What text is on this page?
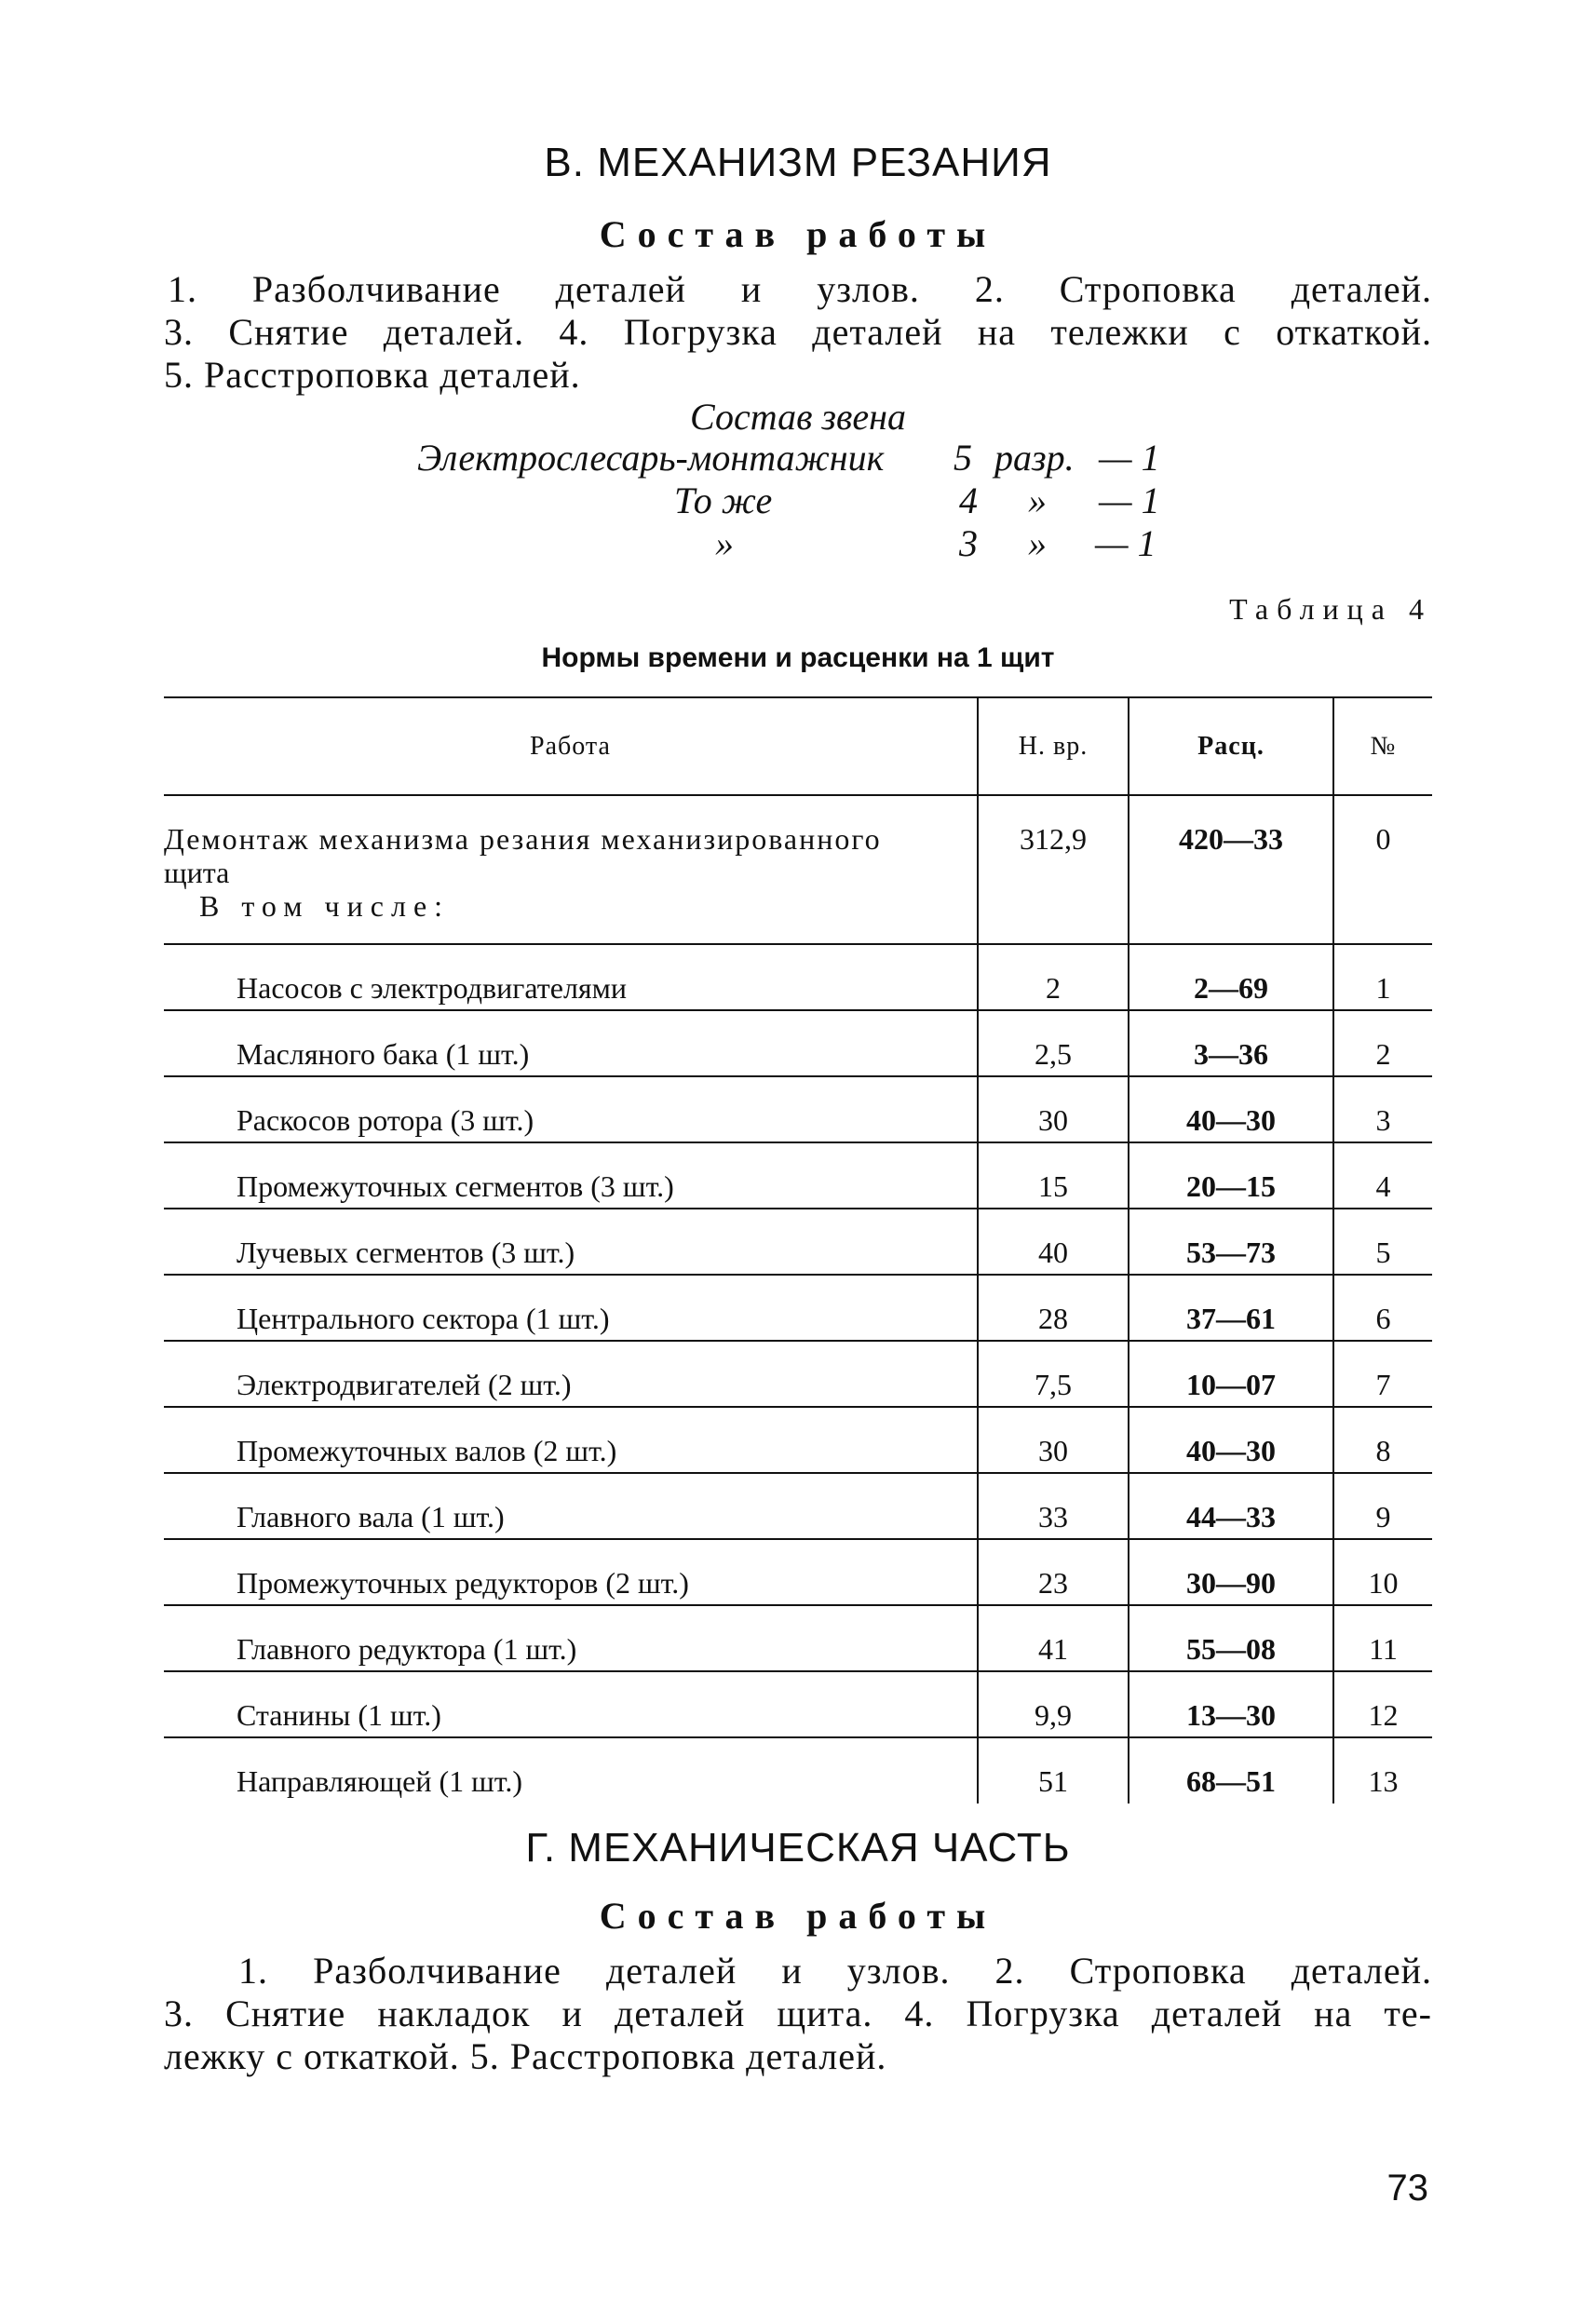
В. МЕХАНИЗМ РЕЗАНИЯ
Состав работы
1. Разболчивание деталей и узлов. 2. Строповка деталей.
3. Снятие деталей. 4. Погрузка деталей на тележки с откаткой.
5. Расстроповка деталей.
Состав звена
Электрослесарь-монтажник 5 разр. — 1
То же	4 » — 1
»	3 » — 1
Таблица 4
Нормы времени и расценки на 1 щит
Работа	Н. вр.	Расц.	№

Демонтаж механизма резания механизированного
щита
В том числе:	312,9	420—33	0
Насосов с электродвигателями	2	2—69	1
Масляного бака (1 шт.)	2,5	3—36	2
Раскосов ротора (3 шт.)	30	40—30	3
Промежуточных сегментов (3 шт.)	15	20—15	4
Лучевых сегментов (3 шт.)	40	53—73	5
Центрального сектора (1 шт.)	28	37—61	6
Электродвигателей (2 шт.)	7,5	10—07	7
Промежуточных валов (2 шт.)	30	40—30	8
Главного вала (1 шт.)	33	44—33	9
Промежуточных редукторов (2 шт.)	23	30—90	10
Главного редуктора (1 шт.)	41	55—08	11
Станины (1 шт.)	9,9	13—30	12
Направляющей (1 шт.)	51	68—51	13
Г. МЕХАНИЧЕСКАЯ ЧАСТЬ
Состав работы
1. Разболчивание деталей и узлов. 2. Строповка деталей.
3. Снятие накладок и деталей щита. 4. Погрузка деталей на те-
лежку с откаткой. 5. Расстроповка деталей.
73
